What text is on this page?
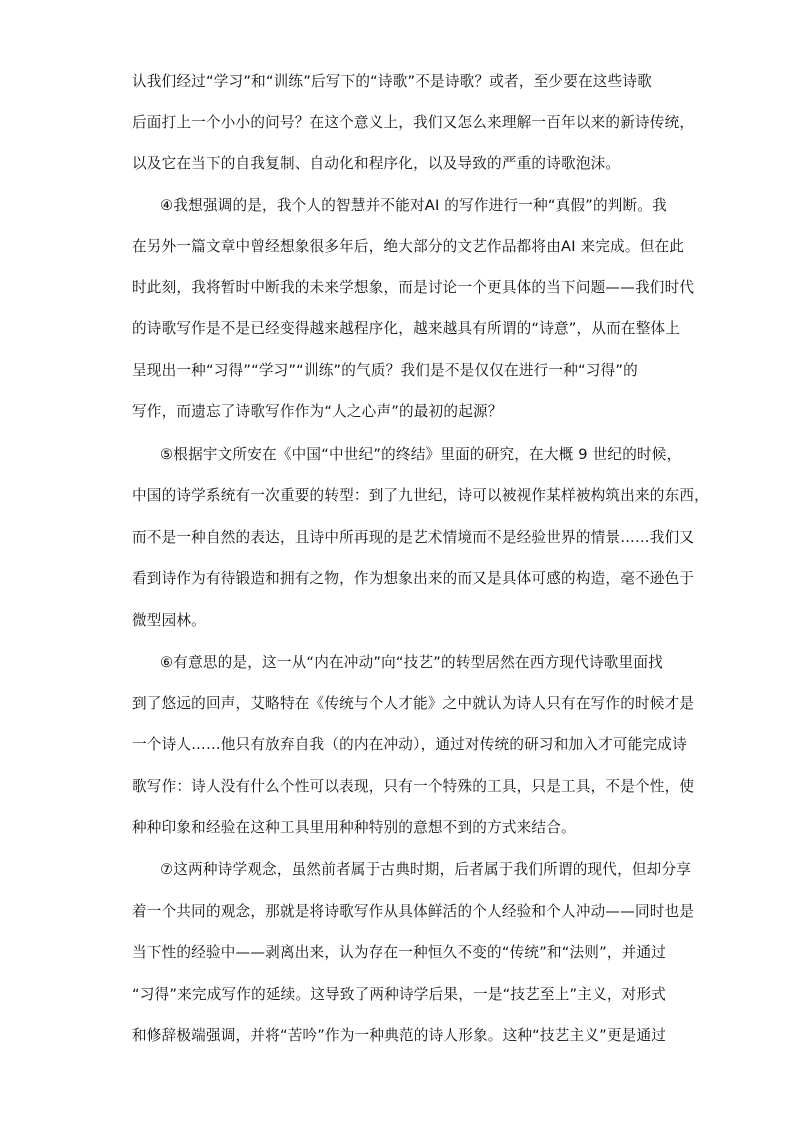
认我们经过“学习”和“训练”后写下的“诗歌”不是诗歌？或者，至少要在这些诗歌
后面打上一个小小的问号？在这个意义上，我们又怎么来理解一百年以来的新诗传统，
以及它在当下的自我复制、自动化和程序化，以及导致的严重的诗歌泡沫。
④我想强调的是，我个人的智慧并不能对AI 的写作进行一种“真假”的判断。我
在另外一篇文章中曾经想象很多年后，绝大部分的文艺作品都将由AI 来完成。但在此
时此刻，我将暂时中断我的未来学想象，而是讨论一个更具体的当下问题——我们时代
的诗歌写作是不是已经变得越来越程序化，越来越具有所谓的“诗意”，从而在整体上
呈现出一种“习得”“学习”“训练”的气质？我们是不是仅仅在进行一种“习得”的
写作，而遗忘了诗歌写作作为“人之心声”的最初的起源？
⑤根据宇文所安在《中国“中世纪”的终结》里面的研究，在大概 9 世纪的时候，
中国的诗学系统有一次重要的转型：到了九世纪，诗可以被视作某样被构筑出来的东西，
而不是一种自然的表达，且诗中所再现的是艺术情境而不是经验世界的情景……我们又
看到诗作为有待锻造和拥有之物，作为想象出来的而又是具体可感的构造，毫不逊色于
微型园林。
⑥有意思的是，这一从“内在冲动”向“技艺”的转型居然在西方现代诗歌里面找
到了悠远的回声，艾略特在《传统与个人才能》之中就认为诗人只有在写作的时候才是
一个诗人……他只有放弃自我（的内在冲动），通过对传统的研习和加入才可能完成诗
歌写作：诗人没有什么个性可以表现，只有一个特殊的工具，只是工具，不是个性，使
种种印象和经验在这种工具里用种种特别的意想不到的方式来结合。
⑦这两种诗学观念，虽然前者属于古典时期，后者属于我们所谓的现代，但却分享
着一个共同的观念，那就是将诗歌写作从具体鲜活的个人经验和个人冲动——同时也是
当下性的经验中——剥离出来，认为存在一种恒久不变的“传统”和“法则”，并通过
“习得”来完成写作的延续。这导致了两种诗学后果，一是“技艺至上”主义，对形式
和修辞极端强调，并将“苦吟”作为一种典范的诗人形象。这种“技艺主义”更是通过
